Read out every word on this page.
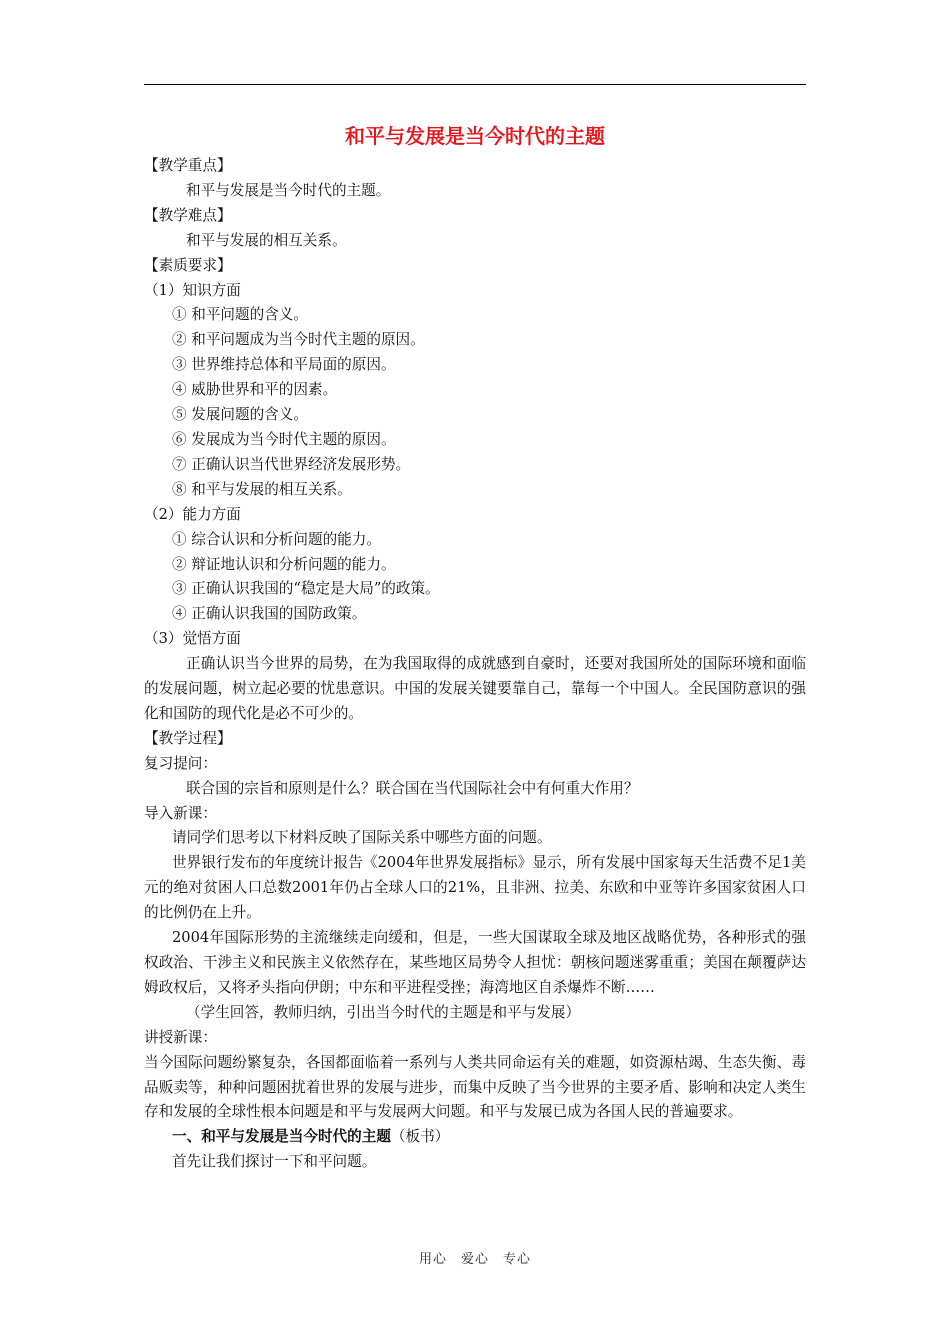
和平与发展是当今时代的主题

【教学重点】

和平与发展是当今时代的主题。

【教学难点】

和平与发展的相互关系。

【素质要求】

（1）知识方面

① 和平问题的含义。

② 和平问题成为当今时代主题的原因。

③ 世界维持总体和平局面的原因。

④ 威胁世界和平的因素。

⑤ 发展问题的含义。

⑥ 发展成为当今时代主题的原因。

⑦ 正确认识当代世界经济发展形势。

⑧ 和平与发展的相互关系。

（2）能力方面

① 综合认识和分析问题的能力。

② 辩证地认识和分析问题的能力。

③ 正确认识我国的“稳定是大局”的政策。

④ 正确认识我国的国防政策。

（3）觉悟方面

正确认识当今世界的局势，在为我国取得的成就感到自豪时，还要对我国所处的国际环境和面临的发展问题，树立起必要的忧患意识。中国的发展关键要靠自己，靠每一个中国人。全民国防意识的强化和国防的现代化是必不可少的。

【教学过程】

复习提问：

联合国的宗旨和原则是什么？联合国在当代国际社会中有何重大作用？

导入新课：

请同学们思考以下材料反映了国际关系中哪些方面的问题。

世界银行发布的年度统计报告《2004年世界发展指标》显示，所有发展中国家每天生活费不足1美元的绝对贫困人口总数2001年仍占全球人口的21%，且非洲、拉美、东欧和中亚等许多国家贫困人口的比例仍在上升。

2004年国际形势的主流继续走向缓和，但是，一些大国谋取全球及地区战略优势，各种形式的强权政治、干涉主义和民族主义依然存在，某些地区局势令人担忧：朝核问题迷雾重重；美国在颠覆萨达姆政权后，又将矛头指向伊朗；中东和平进程受挫；海湾地区自杀爆炸不断……

（学生回答，教师归纳，引出当今时代的主题是和平与发展）

讲授新课：

当今国际问题纷繁复杂，各国都面临着一系列与人类共同命运有关的难题，如资源枯竭、生态失衡、毒品贩卖等，种种问题困扰着世界的发展与进步，而集中反映了当今世界的主要矛盾、影响和决定人类生存和发展的全球性根本问题是和平与发展两大问题。和平与发展已成为各国人民的普遍要求。

一、和平与发展是当今时代的主题（板书）

首先让我们探讨一下和平问题。

用心　爱心　专心
